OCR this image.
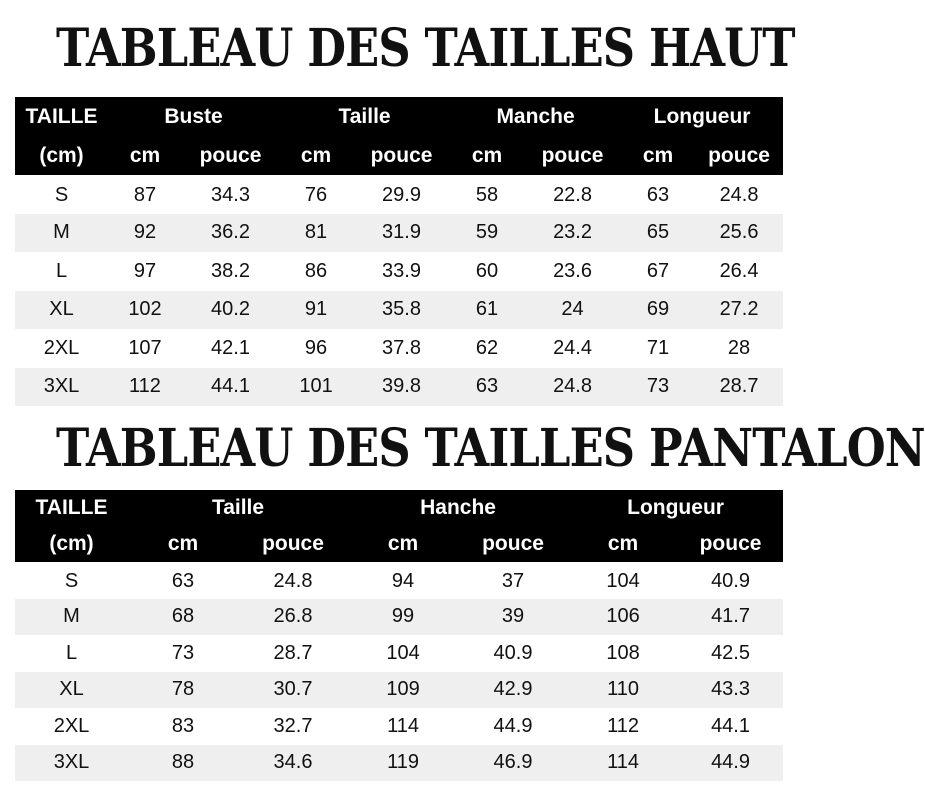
TABLEAU DES TAILLES HAUT
TAILLE	Buste		Taille		Manche		Longueur	
(cm)	cm	pouce	cm	pouce	cm	pouce	cm	pouce
S	87	34.3	76	29.9	58	22.8	63	24.8
M	92	36.2	81	31.9	59	23.2	65	25.6
L	97	38.2	86	33.9	60	23.6	67	26.4
XL	102	40.2	91	35.8	61	24	69	27.2
2XL	107	42.1	96	37.8	62	24.4	71	28
3XL	112	44.1	101	39.8	63	24.8	73	28.7
TABLEAU DES TAILLES PANTALON
TAILLE	Taille		Hanche		Longueur	
(cm)	cm	pouce	cm	pouce	cm	pouce
S	63	24.8	94	37	104	40.9
M	68	26.8	99	39	106	41.7
L	73	28.7	104	40.9	108	42.5
XL	78	30.7	109	42.9	110	43.3
2XL	83	32.7	114	44.9	112	44.1
3XL	88	34.6	119	46.9	114	44.9
